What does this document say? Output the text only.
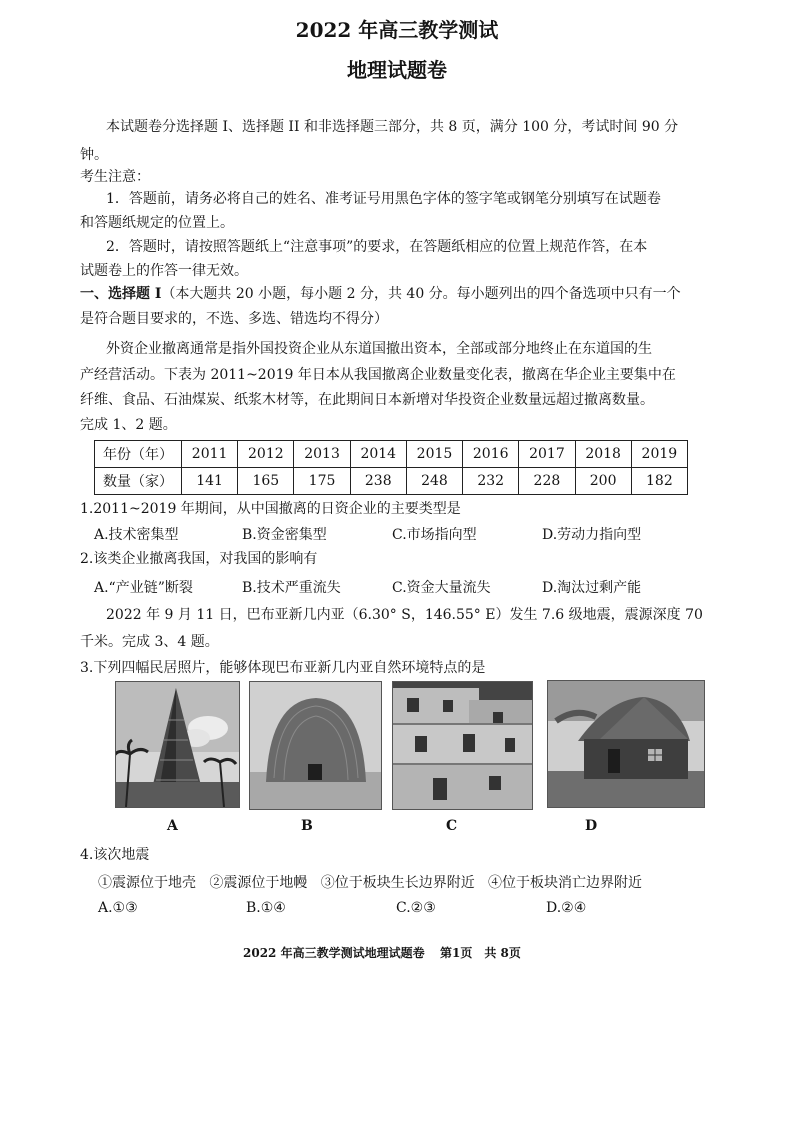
2022 年高三教学测试
地理试题卷
本试题卷分选择题 I、选择题 II 和非选择题三部分，共 8 页，满分 100 分，考试时间 90 分
钟。
考生注意：
1．答题前，请务必将自己的姓名、准考证号用黑色字体的签字笔或钢笔分别填写在试题卷
和答题纸规定的位置上。
2．答题时，请按照答题纸上“注意事项”的要求，在答题纸相应的位置上规范作答，在本
试题卷上的作答一律无效。
一、选择题 I（本大题共 20 小题，每小题 2 分，共 40 分。每小题列出的四个备选项中只有一个
是符合题目要求的，不选、多选、错选均不得分）
外资企业撤离通常是指外国投资企业从东道国撤出资本，全部或部分地终止在东道国的生
产经营活动。下表为 2011~2019 年日本从我国撤离企业数量变化表，撤离在华企业主要集中在
纤维、食品、石油煤炭、纸浆木材等，在此期间日本新增对华投资企业数量远超过撤离数量。
完成 1、2 题。
年份（年）	2011	2012	2013	2014	2015	2016	2017	2018	2019
数量（家）	141	165	175	238	248	232	228	200	182
1.2011~2019 年期间，从中国撤离的日资企业的主要类型是
A.技术密集型	B.资金密集型	C.市场指向型	D.劳动力指向型
2.该类企业撤离我国，对我国的影响有
A.“产业链”断裂	B.技术严重流失	C.资金大量流失	D.淘汰过剩产能
2022 年 9 月 11 日，巴布亚新几内亚（6.30° S，146.55° E）发生 7.6 级地震，震源深度 70
千米。完成 3、4 题。
3.下列四幅民居照片，能够体现巴布亚新几内亚自然环境特点的是
A	B	C	D
4.该次地震
①震源位于地壳   ②震源位于地幔   ③位于板块生长边界附近   ④位于板块消亡边界附近
A.①③	B.①④	C.②③	D.②④
2022 年高三教学测试地理试题卷 第1页　共 8页
